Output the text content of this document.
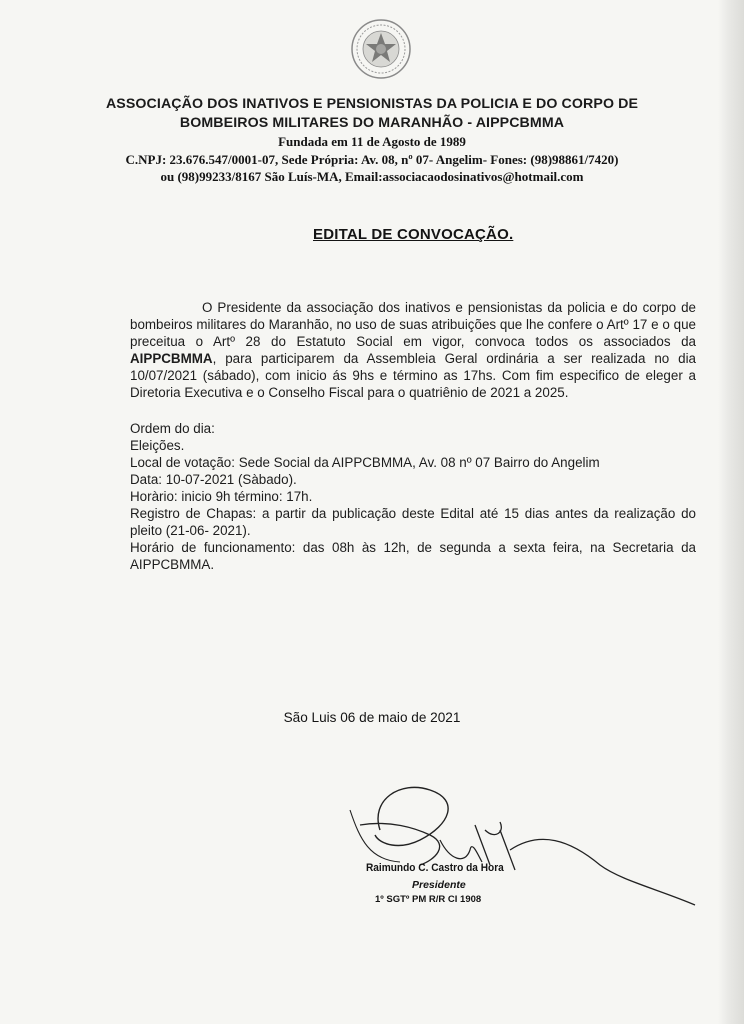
ASSOCIAÇÃO DOS INATIVOS E PENSIONISTAS DA POLICIA E DO CORPO DE
BOMBEIROS MILITARES DO MARANHÃO - AIPPCBMMA
Fundada em 11 de Agosto de 1989
C.NPJ: 23.676.547/0001-07, Sede Própria: Av. 08, nº 07- Angelim- Fones: (98)98861/7420)
ou (98)99233/8167 São Luís-MA, Email:associacaodosinativos@hotmail.com
EDITAL DE CONVOCAÇÃO.
O Presidente da associação dos inativos e pensionistas da policia e do corpo de bombeiros militares do Maranhão, no uso de suas atribuições que lhe confere o Artº 17 e o que preceitua o Artº 28 do Estatuto Social em vigor, convoca todos os associados da AIPPCBMMA, para participarem da Assembleia Geral ordinária a ser realizada no dia 10/07/2021 (sábado), com inicio ás 9hs e término as 17hs. Com fim especifico de eleger a Diretoria Executiva e o Conselho Fiscal para o quatriênio de 2021 a 2025.
Ordem do dia:
Eleições.
Local de votação: Sede Social da AIPPCBMMA, Av. 08 nº 07 Bairro do Angelim
Data: 10-07-2021 (Sàbado).
Horàrio: inicio 9h término: 17h.
Registro de Chapas: a partir da publicação deste Edital até 15 dias antes da realização do pleito (21-06- 2021).
Horário de funcionamento: das 08h às 12h, de segunda a sexta feira, na Secretaria da AIPPCBMMA.
São Luis 06 de maio de 2021
Raimundo C. Castro da Hora
Presidente
1º SGTº PM R/R CI 1908
